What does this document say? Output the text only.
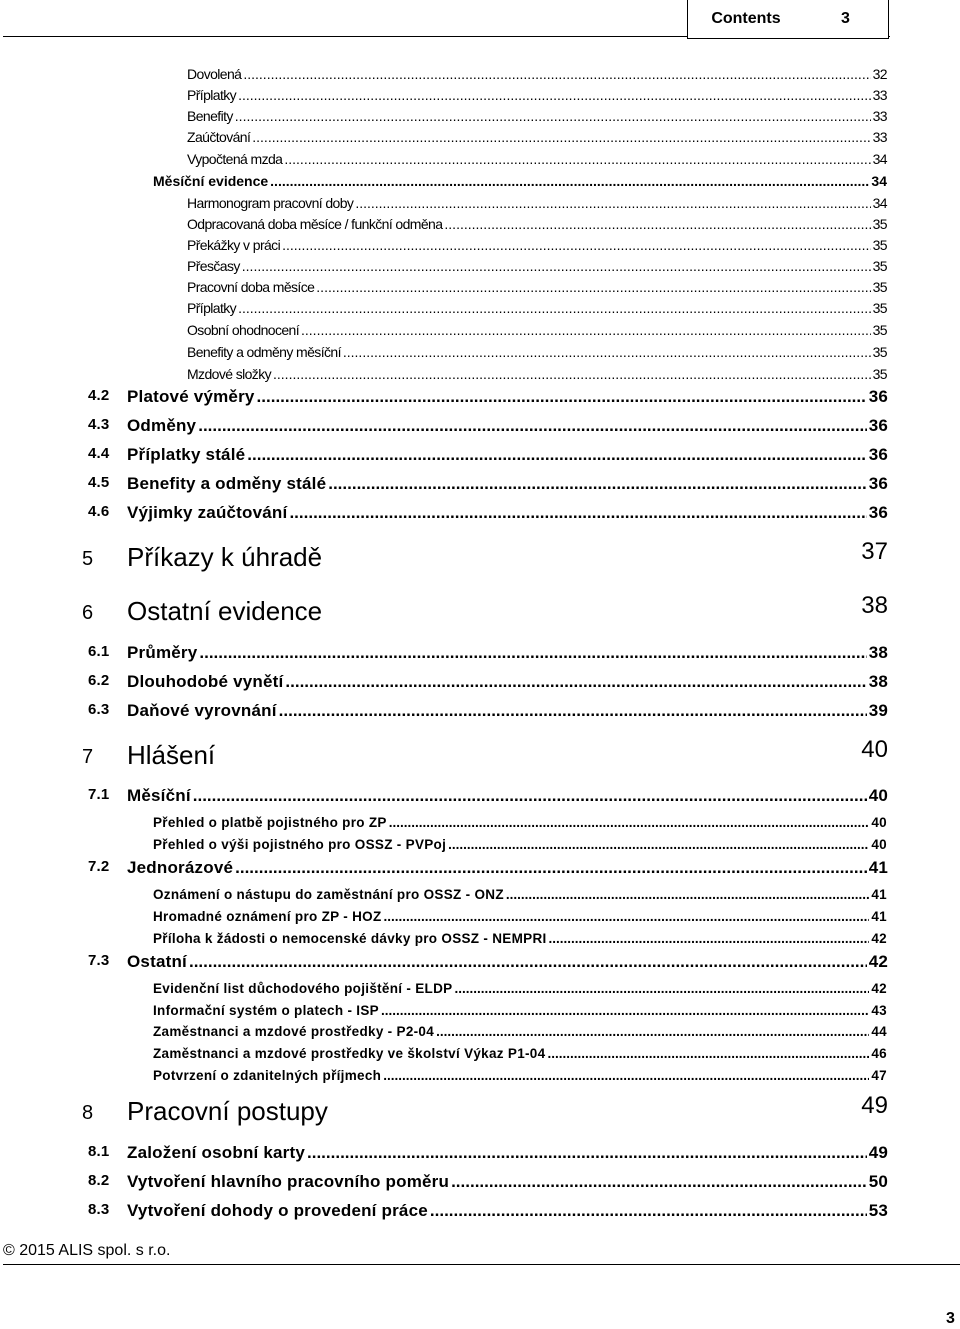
Contents	3
Dovolená .....	32
Příplatky .....	33
Benefity .....	33
Zaúčtování .....	33
Vypočtená mzda .....	34
Měsíční evidence .....	34
Harmonogram pracovní doby .....	34
Odpracovaná doba měsíce / funkční odměna .....	35
Překážky v práci .....	35
Přesčasy .....	35
Pracovní doba měsíce .....	35
Příplatky .....	35
Osobní ohodnocení .....	35
Benefity a odměny měsíční .....	35
Mzdové složky .....	35
4.2 Platové výměry .....	36
4.3 Odměny .....	36
4.4 Příplatky stálé .....	36
4.5 Benefity a odměny stálé .....	36
4.6 Výjimky zaúčtování .....	36
5 Příkazy k úhradě	37
6 Ostatní evidence	38
6.1 Průměry .....	38
6.2 Dlouhodobé vynětí .....	38
6.3 Daňové vyrovnání .....	39
7 Hlášení	40
7.1 Měsíční .....	40
Přehled o platbě pojistného pro ZP .....	40
Přehled o výši pojistného pro OSSZ - PVPoj .....	40
7.2 Jednorázové .....	41
Oznámení o nástupu do zaměstnání pro OSSZ - ONZ .....	41
Hromadné oznámení pro ZP - HOZ .....	41
Příloha k žádosti o nemocenské dávky pro OSSZ - NEMPRI .....	42
7.3 Ostatní .....	42
Evidenční list důchodového pojištění - ELDP .....	42
Informační systém o platech - ISP .....	43
Zaměstnanci a mzdové prostředky - P2-04 .....	44
Zaměstnanci a mzdové prostředky ve školství Výkaz P1-04 .....	46
Potvrzení o zdanitelných příjmech .....	47
8 Pracovní postupy	49
8.1 Založení osobní karty .....	49
8.2 Vytvoření hlavního pracovního poměru .....	50
8.3 Vytvoření dohody o provedení práce .....	53
© 2015 ALIS spol. s r.o.
3
